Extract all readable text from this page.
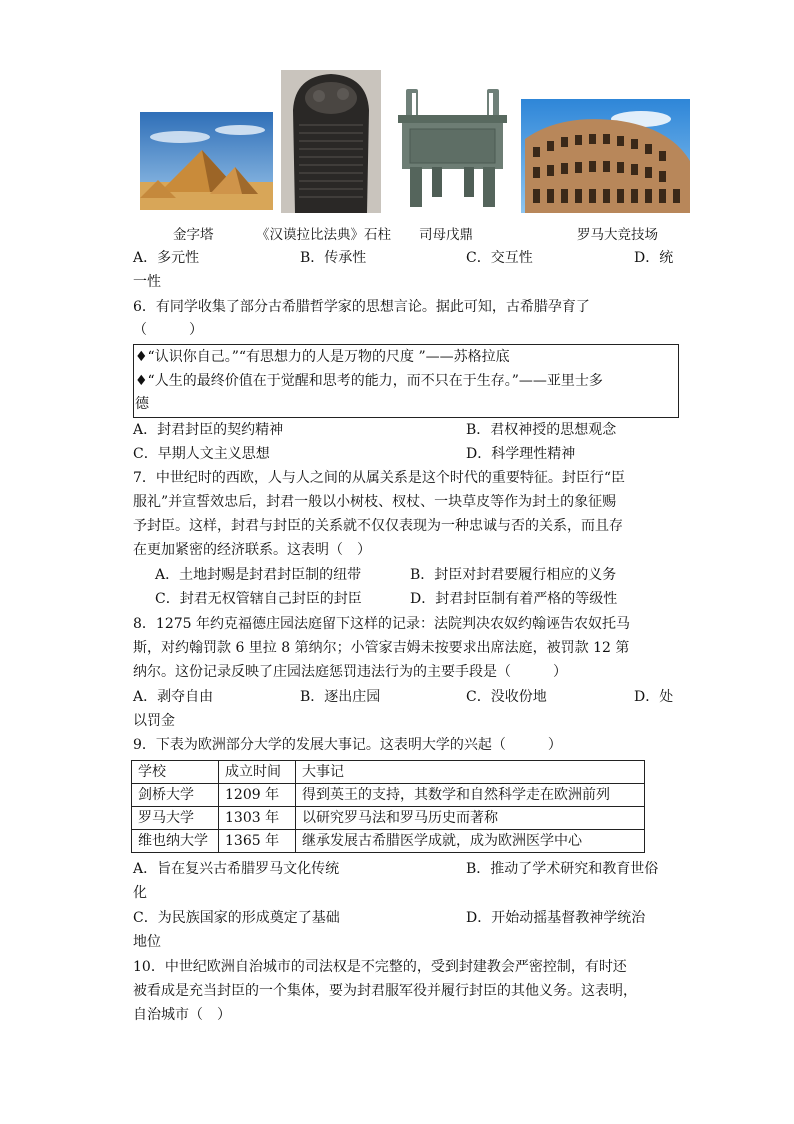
金字塔	《汉谟拉比法典》石柱 司母戊鼎	罗马大竞技场
A．多元性	B．传承性	C．交互性	D．统
一性
6．有同学收集了部分古希腊哲学家的思想言论。据此可知，古希腊孕育了
（　　　）
♦“认识你自己。”“有思想力的人是万物的尺度 ”——苏格拉底
♦“人生的最终价值在于觉醒和思考的能力，而不只在于生存。”——亚里士多
德
A．封君封臣的契约精神	B．君权神授的思想观念
C．早期人文主义思想	D．科学理性精神
7．中世纪时的西欧，人与人之间的从属关系是这个时代的重要特征。封臣行“臣
服礼”并宣誓效忠后，封君一般以小树枝、杈杖、一块草皮等作为封土的象征赐
予封臣。这样，封君与封臣的关系就不仅仅表现为一种忠诚与否的关系，而且存
在更加紧密的经济联系。这表明（　）
A．土地封赐是封君封臣制的纽带	B．封臣对封君要履行相应的义务
C．封君无权管辖自己封臣的封臣	D．封君封臣制有着严格的等级性
8．1275 年约克福德庄园法庭留下这样的记录：法院判决农奴约翰诬告农奴托马
斯，对约翰罚款 6 里拉 8 第纳尔；小管家吉姆未按要求出席法庭，被罚款 12 第
纳尔。这份记录反映了庄园法庭惩罚违法行为的主要手段是（　　　）
A．剥夺自由	B．逐出庄园	C．没收份地	D．处
以罚金
9．下表为欧洲部分大学的发展大事记。这表明大学的兴起（　　　）
学校	成立时间	大事记
剑桥大学	1209 年	得到英王的支持，其数学和自然科学走在欧洲前列
罗马大学	1303 年	以研究罗马法和罗马历史而著称
维也纳大学	1365 年	继承发展古希腊医学成就，成为欧洲医学中心
A．旨在复兴古希腊罗马文化传统	B．推动了学术研究和教育世俗
化
C．为民族国家的形成奠定了基础	D．开始动摇基督教神学统治
地位
10．中世纪欧洲自治城市的司法权是不完整的，受到封建教会严密控制，有时还
被看成是充当封臣的一个集体，要为封君服军役并履行封臣的其他义务。这表明，
自治城市（　）
